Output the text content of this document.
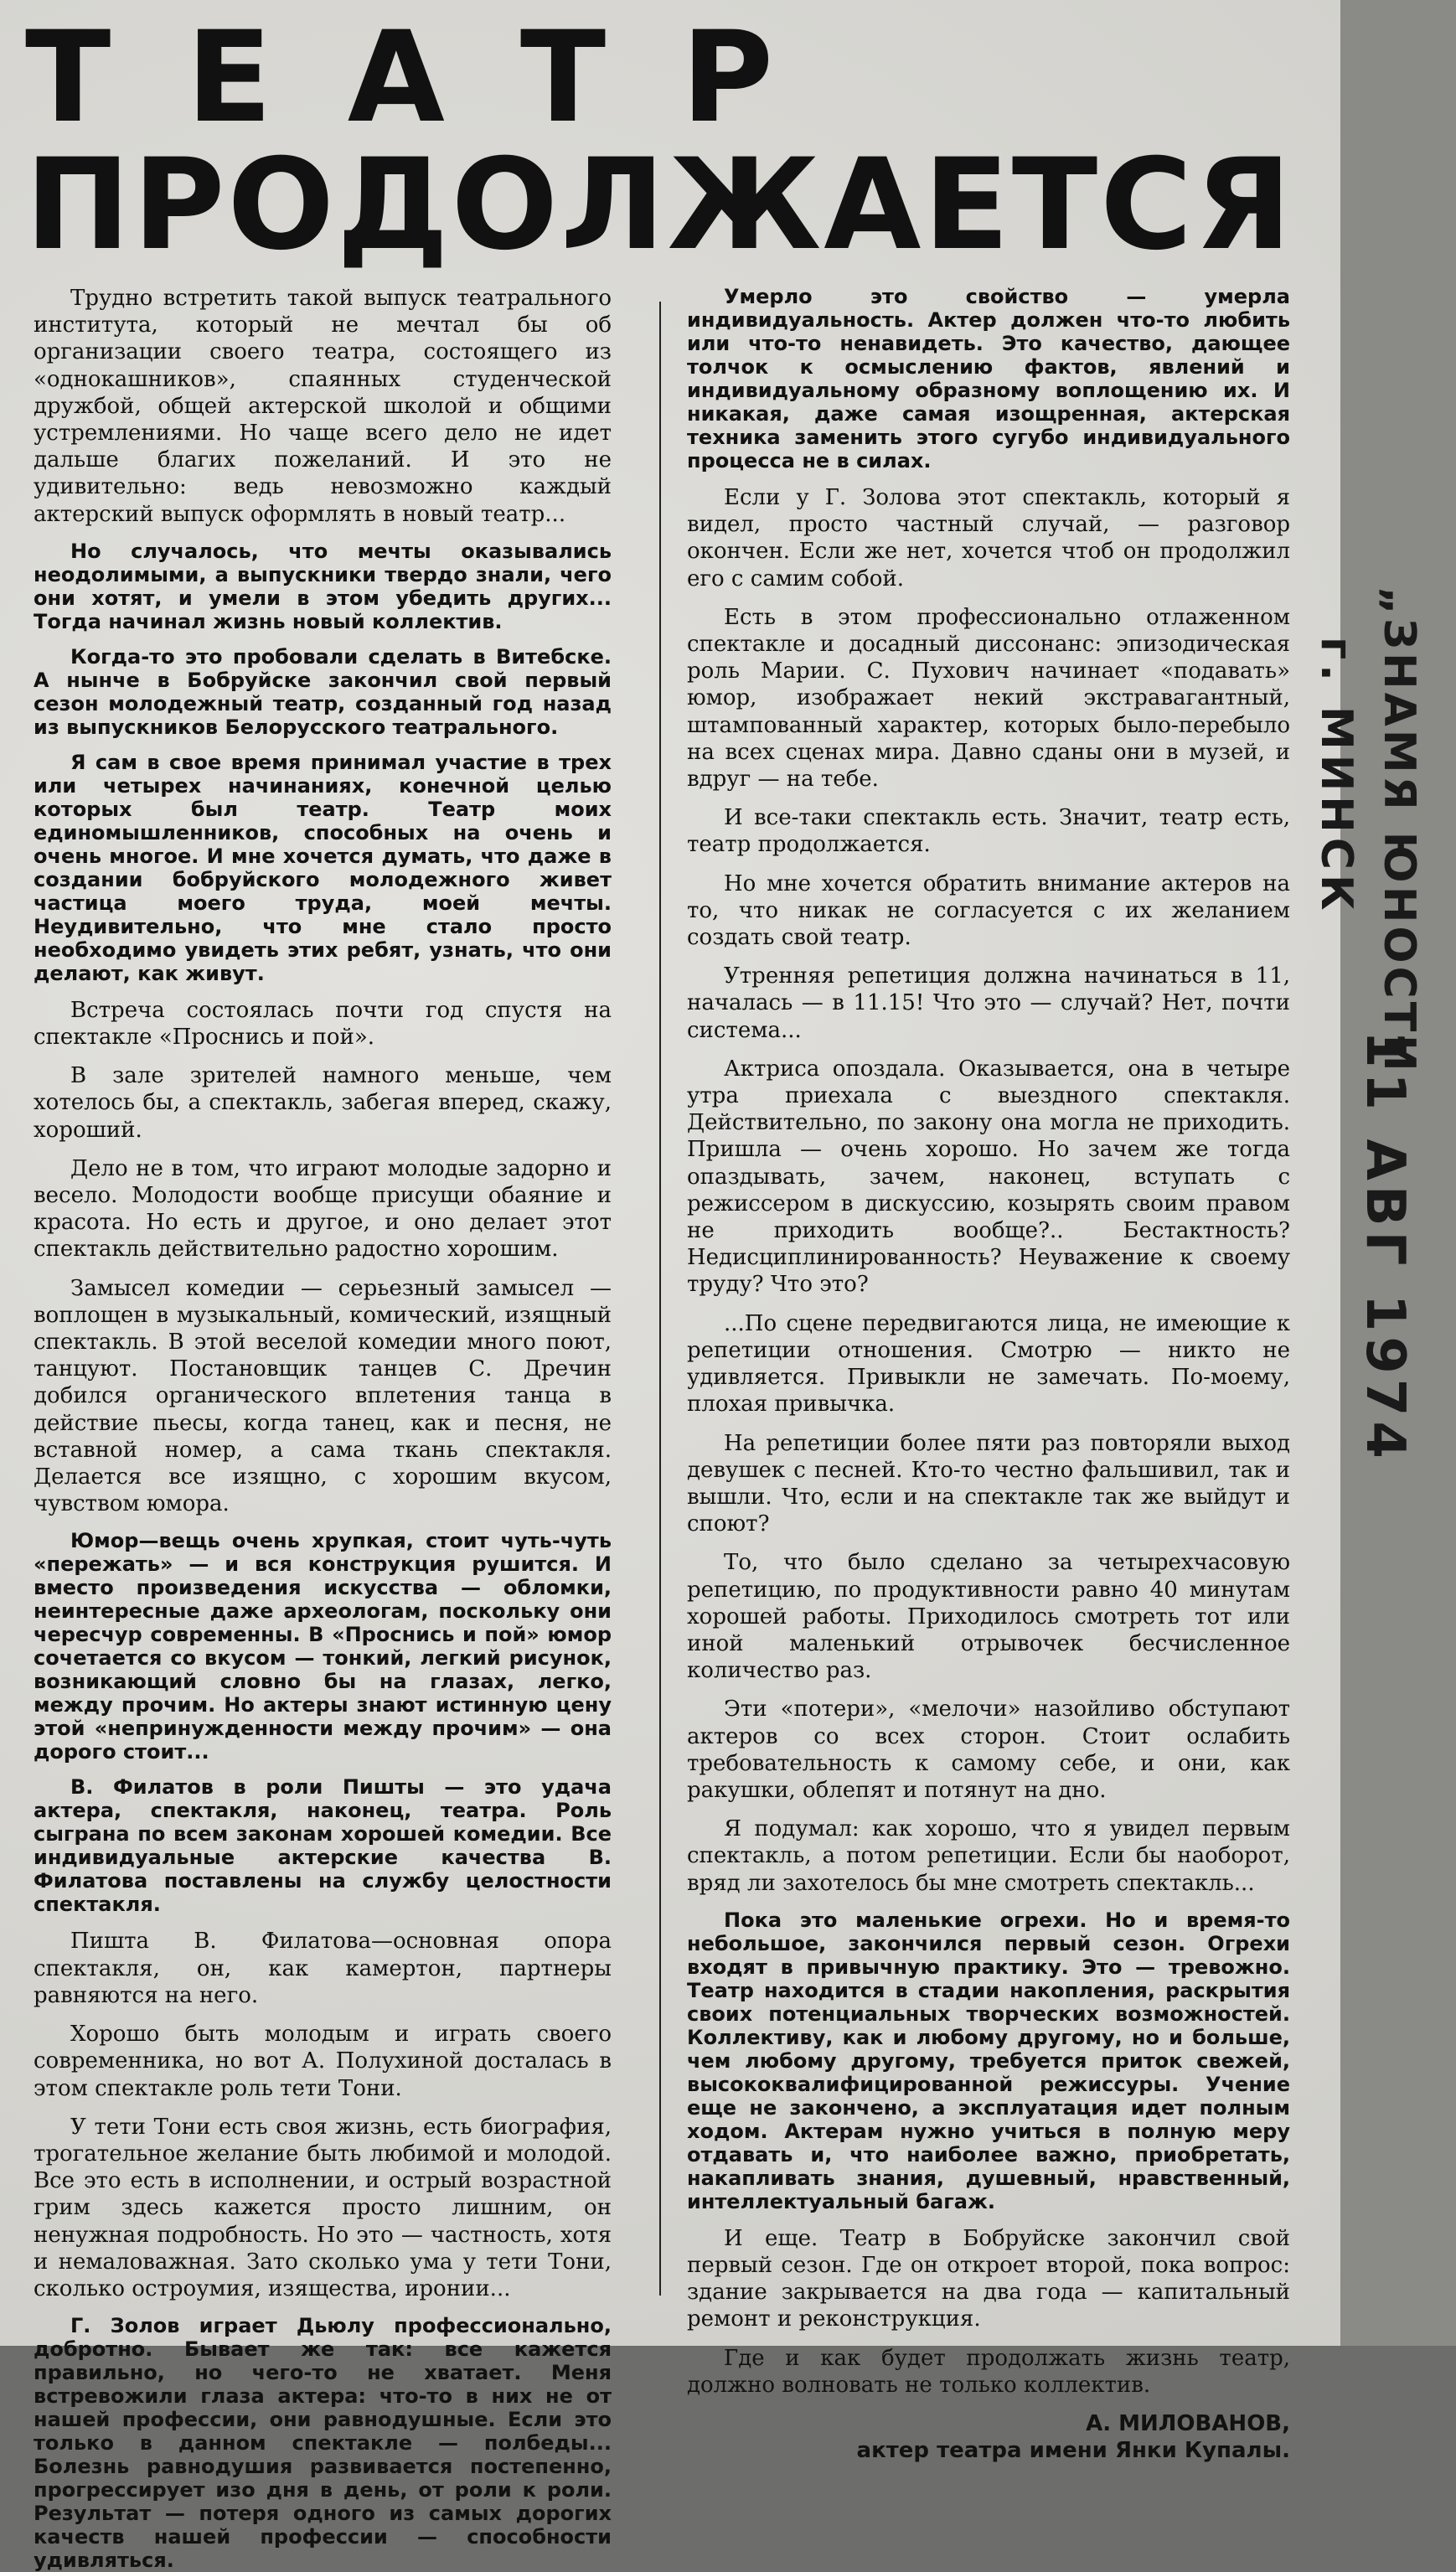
ТЕАТР
ПРОДОЛЖАЕТСЯ

Трудно встретить такой выпуск театрального института, который не мечтал бы об организации своего театра, состоящего из «однокашников», спаянных студенческой дружбой, общей актерской школой и общими устремлениями. Но чаще всего дело не идет дальше благих пожеланий. И это не удивительно: ведь невозможно каждый актерский выпуск оформлять в новый театр...

Но случалось, что мечты оказывались неодолимыми, а выпускники твердо знали, чего они хотят, и умели в этом убедить других... Тогда начинал жизнь новый коллектив.

Когда-то это пробовали сделать в Витебске. А нынче в Бобруйске закончил свой первый сезон молодежный театр, созданный год назад из выпускников Белорусского театрального.

Я сам в свое время принимал участие в трех или четырех начинаниях, конечной целью которых был театр. Театр моих единомышленников, способных на очень и очень многое. И мне хочется думать, что даже в создании бобруйского молодежного живет частица моего труда, моей мечты. Неудивительно, что мне стало просто необходимо увидеть этих ребят, узнать, что они делают, как живут.

Встреча состоялась почти год спустя на спектакле «Проснись и пой».

В зале зрителей намного меньше, чем хотелось бы, а спектакль, забегая вперед, скажу, хороший.

Дело не в том, что играют молодые задорно и весело. Молодости вообще присущи обаяние и красота. Но есть и другое, и оно делает этот спектакль действительно радостно хорошим.

Замысел комедии — серьезный замысел — воплощен в музыкальный, комический, изящный спектакль. В этой веселой комедии много поют, танцуют. Постановщик танцев С. Дречин добился органического вплетения танца в действие пьесы, когда танец, как и песня, не вставной номер, а сама ткань спектакля. Делается все изящно, с хорошим вкусом, чувством юмора.

Юмор—вещь очень хрупкая, стоит чуть-чуть «пережать» — и вся конструкция рушится. И вместо произведения искусства — обломки, неинтересные даже археологам, поскольку они чересчур современны. В «Проснись и пой» юмор сочетается со вкусом — тонкий, легкий рисунок, возникающий словно бы на глазах, легко, между прочим. Но актеры знают истинную цену этой «непринужденности между прочим» — она дорого стоит...

В. Филатов в роли Пишты — это удача актера, спектакля, наконец, театра. Роль сыграна по всем законам хорошей комедии. Все индивидуальные актерские качества В. Филатова поставлены на службу целостности спектакля.

Пишта В. Филатова—основная опора спектакля, он, как камертон, партнеры равняются на него.

Хорошо быть молодым и играть своего современника, но вот А. Полухиной досталась в этом спектакле роль тети Тони.

У тети Тони есть своя жизнь, есть биография, трогательное желание быть любимой и молодой. Все это есть в исполнении, и острый возрастной грим здесь кажется просто лишним, он ненужная подробность. Но это — частность, хотя и немаловажная. Зато сколько ума у тети Тони, сколько остроумия, изящества, иронии...

Г. Золов играет Дьюлу профессионально, добротно. Бывает же так: все кажется правильно, но чего-то не хватает. Меня встревожили глаза актера: что-то в них не от нашей профессии, они равнодушные. Если это только в данном спектакле — полбеды... Болезнь равнодушия развивается постепенно, прогрессирует изо дня в день, от роли к роли. Результат — потеря одного из самых дорогих качеств нашей профессии — способности удивляться.

Умерло это свойство — умерла индивидуальность. Актер должен что-то любить или что-то ненавидеть. Это качество, дающее толчок к осмыслению фактов, явлений и индивидуальному образному воплощению их. И никакая, даже самая изощренная, актерская техника заменить этого сугубо индивидуального процесса не в силах.

Если у Г. Золова этот спектакль, который я видел, просто частный случай, — разговор окончен. Если же нет, хочется чтоб он продолжил его с самим собой.

Есть в этом профессионально отлаженном спектакле и досадный диссонанс: эпизодическая роль Марии. С. Пухович начинает «подавать» юмор, изображает некий экстравагантный, штампованный характер, которых было-перебыло на всех сценах мира. Давно сданы они в музей, и вдруг — на тебе.

И все-таки спектакль есть. Значит, театр есть, театр продолжается.

Но мне хочется обратить внимание актеров на то, что никак не согласуется с их желанием создать свой театр.

Утренняя репетиция должна начинаться в 11, началась — в 11.15! Что это — случай? Нет, почти система...

Актриса опоздала. Оказывается, она в четыре утра приехала с выездного спектакля. Действительно, по закону она могла не приходить. Пришла — очень хорошо. Но зачем же тогда опаздывать, зачем, наконец, вступать с режиссером в дискуссию, козырять своим правом не приходить вообще?.. Бестактность? Недисциплинированность? Неуважение к своему труду? Что это?

...По сцене передвигаются лица, не имеющие к репетиции отношения. Смотрю — никто не удивляется. Привыкли не замечать. По-моему, плохая привычка.

На репетиции более пяти раз повторяли выход девушек с песней. Кто-то честно фальшивил, так и вышли. Что, если и на спектакле так же выйдут и споют?

То, что было сделано за четырехчасовую репетицию, по продуктивности равно 40 минутам хорошей работы. Приходилось смотреть тот или иной маленький отрывочек бесчисленное количество раз.

Эти «потери», «мелочи» назойливо обступают актеров со всех сторон. Стоит ослабить требовательность к самому себе, и они, как ракушки, облепят и потянут на дно.

Я подумал: как хорошо, что я увидел первым спектакль, а потом репетиции. Если бы наоборот, вряд ли захотелось бы мне смотреть спектакль...

Пока это маленькие огрехи. Но и время-то небольшое, закончился первый сезон. Огрехи входят в привычную практику. Это — тревожно. Театр находится в стадии накопления, раскрытия своих потенциальных творческих возможностей. Коллективу, как и любому другому, но и больше, чем любому другому, требуется приток свежей, высококвалифицированной режиссуры. Учение еще не закончено, а эксплуатация идет полным ходом. Актерам нужно учиться в полную меру отдавать и, что наиболее важно, приобретать, накапливать знания, душевный, нравственный, интеллектуальный багаж.

И еще. Театр в Бобруйске закончил свой первый сезон. Где он откроет второй, пока вопрос: здание закрывается на два года — капитальный ремонт и реконструкция.

Где и как будет продолжать жизнь театр, должно волновать не только коллектив.

А. МИЛОВАНОВ,
актер театра имени Янки Купалы.
„ЗНАМЯ ЮНОСТИ
г. МИНСК
11 АВГ 1974
